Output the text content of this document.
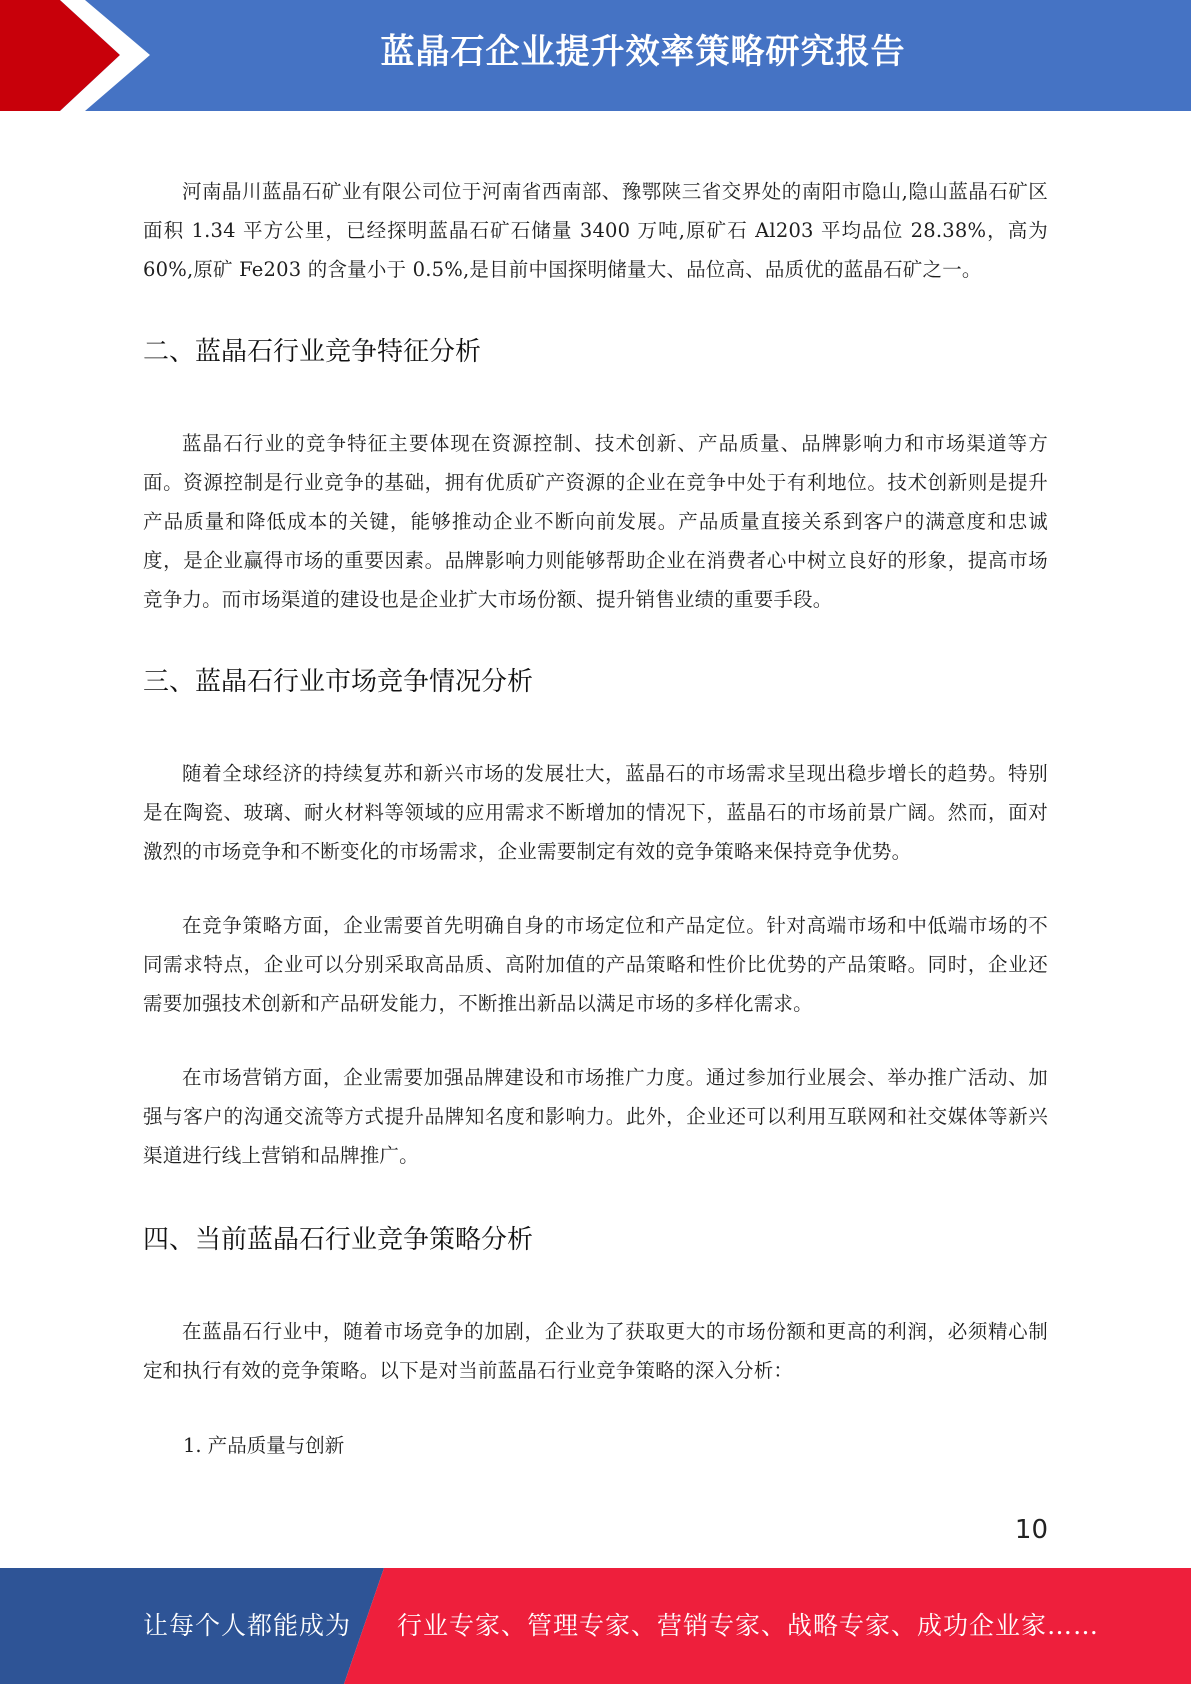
蓝晶石企业提升效率策略研究报告

河南晶川蓝晶石矿业有限公司位于河南省西南部、豫鄂陕三省交界处的南阳市隐山,隐山蓝晶石矿区面积 1.34 平方公里，已经探明蓝晶石矿石储量 3400 万吨,原矿石 Al203 平均品位 28.38%，高为 60%,原矿 Fe203 的含量小于 0.5%,是目前中国探明储量大、品位高、品质优的蓝晶石矿之一。

二、蓝晶石行业竞争特征分析

蓝晶石行业的竞争特征主要体现在资源控制、技术创新、产品质量、品牌影响力和市场渠道等方面。资源控制是行业竞争的基础，拥有优质矿产资源的企业在竞争中处于有利地位。技术创新则是提升产品质量和降低成本的关键，能够推动企业不断向前发展。产品质量直接关系到客户的满意度和忠诚度，是企业赢得市场的重要因素。品牌影响力则能够帮助企业在消费者心中树立良好的形象，提高市场竞争力。而市场渠道的建设也是企业扩大市场份额、提升销售业绩的重要手段。

三、蓝晶石行业市场竞争情况分析

随着全球经济的持续复苏和新兴市场的发展壮大，蓝晶石的市场需求呈现出稳步增长的趋势。特别是在陶瓷、玻璃、耐火材料等领域的应用需求不断增加的情况下，蓝晶石的市场前景广阔。然而，面对激烈的市场竞争和不断变化的市场需求，企业需要制定有效的竞争策略来保持竞争优势。

在竞争策略方面，企业需要首先明确自身的市场定位和产品定位。针对高端市场和中低端市场的不同需求特点，企业可以分别采取高品质、高附加值的产品策略和性价比优势的产品策略。同时，企业还需要加强技术创新和产品研发能力，不断推出新品以满足市场的多样化需求。

在市场营销方面，企业需要加强品牌建设和市场推广力度。通过参加行业展会、举办推广活动、加强与客户的沟通交流等方式提升品牌知名度和影响力。此外，企业还可以利用互联网和社交媒体等新兴渠道进行线上营销和品牌推广。

四、当前蓝晶石行业竞争策略分析

在蓝晶石行业中，随着市场竞争的加剧，企业为了获取更大的市场份额和更高的利润，必须精心制定和执行有效的竞争策略。以下是对当前蓝晶石行业竞争策略的深入分析：

1. 产品质量与创新

10
让每个人都能成为 行业专家、管理专家、营销专家、战略专家、成功企业家……
